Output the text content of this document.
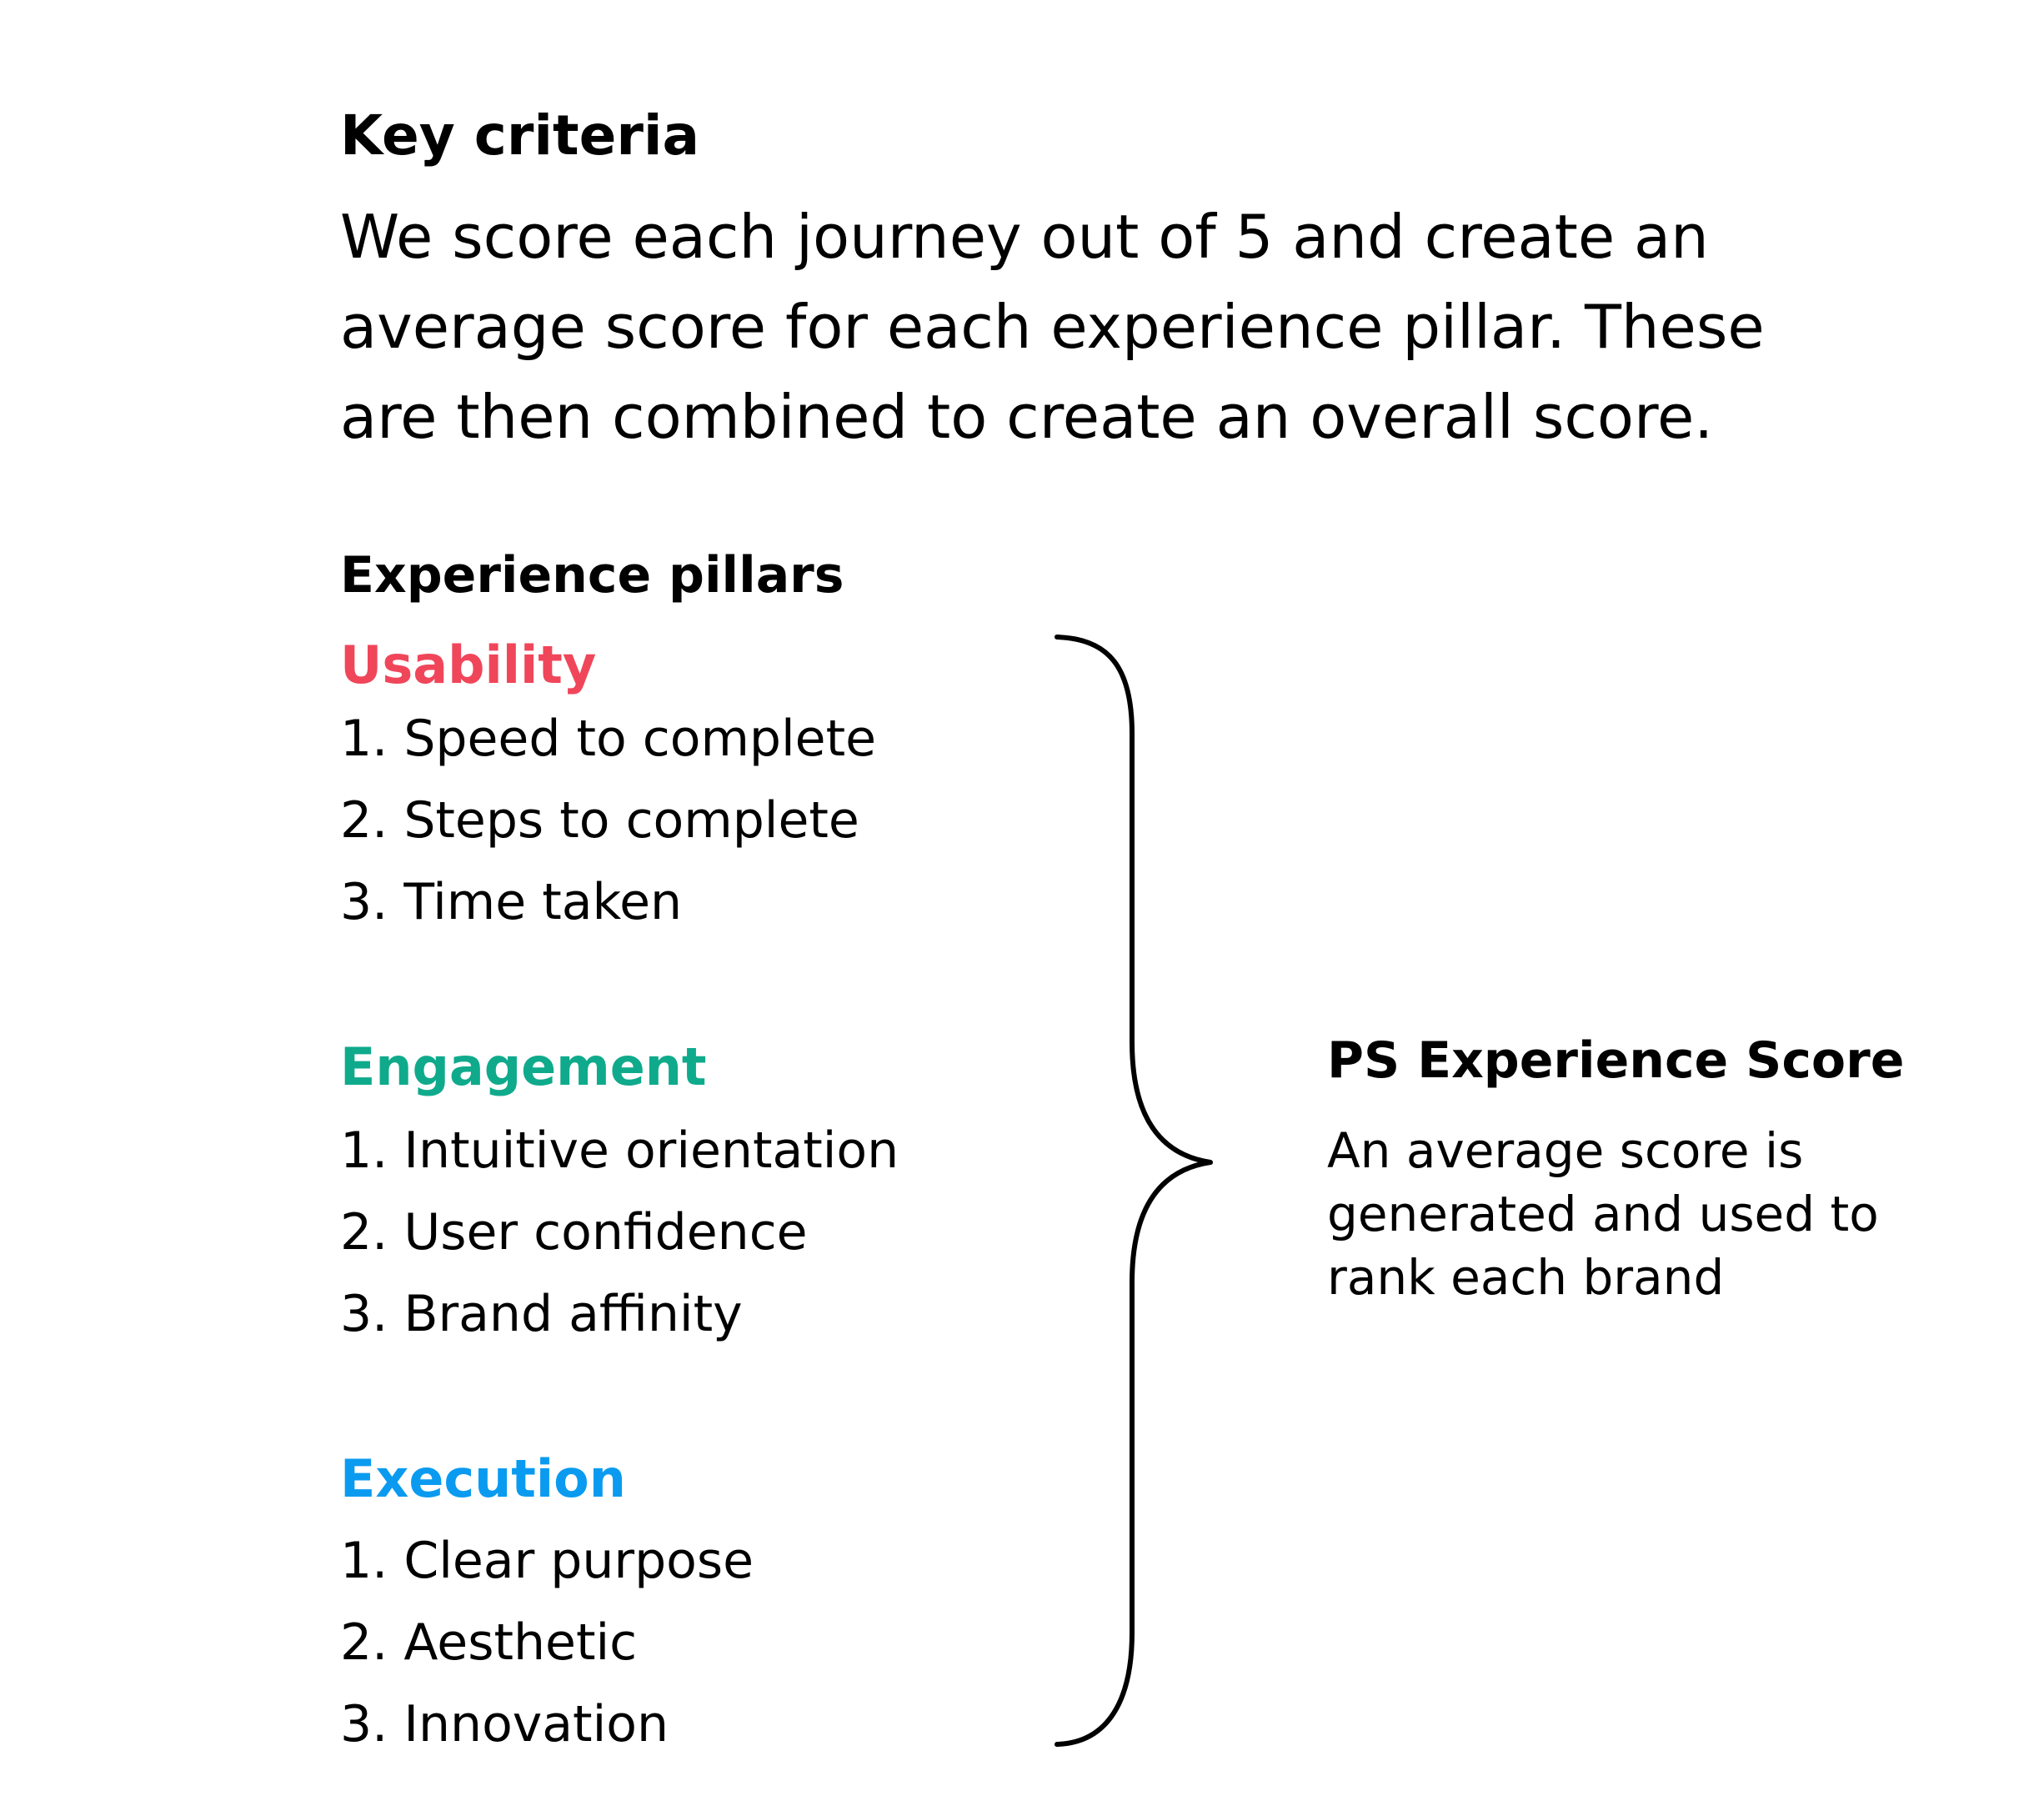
Key criteria
We score each journey out of 5 and create an
average score for each experience pillar. These
are then combined to create an overall score.
Experience pillars
Usability
1. Speed to complete
2. Steps to complete
3. Time taken
Engagement
1. Intuitive orientation
2. User confidence
3. Brand affinity
Execution
1. Clear purpose
2. Aesthetic
3. Innovation
PS Experience Score
An average score is
generated and used to
rank each brand
